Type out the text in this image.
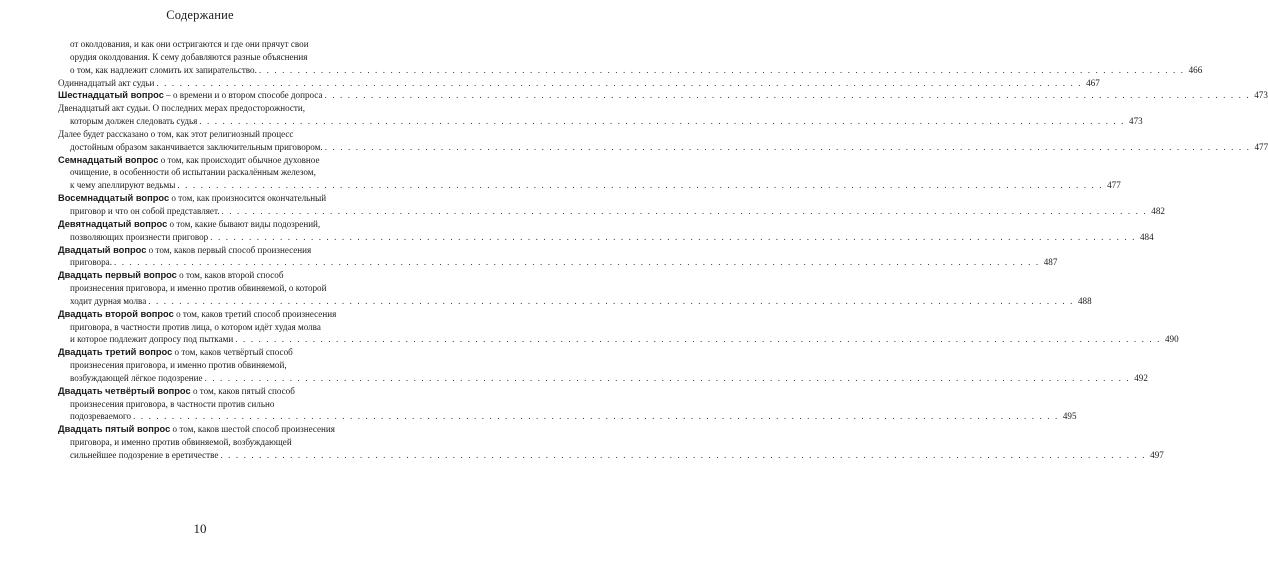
Содержание
от околдования, и как они остригаются и где они прячут свои
орудия околдования. К сему добавляются разные объяснения
о том, как надлежит сломить их запирательство. . . . . . . . . . . . . . . . . . . . . . . . . . . . . . . . . . . . . . . . . . . . . . . . . . . . . . . . . . . . . . . . . . . . . . . . . . . . . . . . . . . . . . . . . . . . . . . . . . . . . . . . . . . . . . . . . . . . . . . . . 466
Одиннадцатый акт судьи . . . . . . . . . . . . . . . . . . . . . . . . . . . . . . . . . . . . . . . . . . . . . . . . . . . . . . . . . . . . . . . . . . . . . . . . . . . . . . . . . . . . . . . . . . . . . . . . . . . . . . . . . . . . . . . . . . . . . . . . 467
Шестнадцатый вопрос – о времени и о втором способе допроса . . . . . . . . . . . . . . . . . . . . . . . . . . . . . . . . . . . . . . . . . . . . . . . . . . . . . . . . . . . . . . . . . . . . . . . . . . . . . . . . . . . . . . . . . . . . . . . . . . . . . . . . . . . . . . . . . . . . . . . . 473
Двенадцатый акт судьи. О последних мерах предосторожности,
которым должен следовать судья . . . . . . . . . . . . . . . . . . . . . . . . . . . . . . . . . . . . . . . . . . . . . . . . . . . . . . . . . . . . . . . . . . . . . . . . . . . . . . . . . . . . . . . . . . . . . . . . . . . . . . . . . . . . . . . . . . . . . . . . 473
Далее будет рассказано о том, как этот религиозный процесс
достойным образом заканчивается заключительным приговором. . . . . . . . . . . . . . . . . . . . . . . . . . . . . . . . . . . . . . . . . . . . . . . . . . . . . . . . . . . . . . . . . . . . . . . . . . . . . . . . . . . . . . . . . . . . . . . . . . . . . . . . . . . . . . . . . . . . . . . . . 477
Семнадцатый вопрос о том, как происходит обычное духовное
очищение, в особенности об испытании раскалённым железом,
к чему апеллируют ведьмы . . . . . . . . . . . . . . . . . . . . . . . . . . . . . . . . . . . . . . . . . . . . . . . . . . . . . . . . . . . . . . . . . . . . . . . . . . . . . . . . . . . . . . . . . . . . . . . . . . . . . . . . . . . . . . . . . . . . . . . . 477
Восемнадцатый вопрос о том, как произносится окончательный
приговор и что он собой представляет. . . . . . . . . . . . . . . . . . . . . . . . . . . . . . . . . . . . . . . . . . . . . . . . . . . . . . . . . . . . . . . . . . . . . . . . . . . . . . . . . . . . . . . . . . . . . . . . . . . . . . . . . . . . . . . . . . . . . . . . . 482
Девятнадцатый вопрос о том, какие бывают виды подозрений,
позволяющих произнести приговор . . . . . . . . . . . . . . . . . . . . . . . . . . . . . . . . . . . . . . . . . . . . . . . . . . . . . . . . . . . . . . . . . . . . . . . . . . . . . . . . . . . . . . . . . . . . . . . . . . . . . . . . . . . . . . . . . . . . . . . . 484
Двадцатый вопрос о том, каков первый способ произнесения
приговора. . . . . . . . . . . . . . . . . . . . . . . . . . . . . . . . . . . . . . . . . . . . . . . . . . . . . . . . . . . . . . . . . . . . . . . . . . . . . . . . . . . . . . . . . . . . . . . . . . . . . . . . . . . . . . . . . . . . . . . . . 487
Двадцать первый вопрос о том, каков второй способ
произнесения приговора, и именно против обвиняемой, о которой
ходит дурная молва . . . . . . . . . . . . . . . . . . . . . . . . . . . . . . . . . . . . . . . . . . . . . . . . . . . . . . . . . . . . . . . . . . . . . . . . . . . . . . . . . . . . . . . . . . . . . . . . . . . . . . . . . . . . . . . . . . . . . . . . 488
Двадцать второй вопрос о том, каков третий способ произнесения
приговора, в частности против лица, о котором идёт худая молва
и которое подлежит допросу под пытками . . . . . . . . . . . . . . . . . . . . . . . . . . . . . . . . . . . . . . . . . . . . . . . . . . . . . . . . . . . . . . . . . . . . . . . . . . . . . . . . . . . . . . . . . . . . . . . . . . . . . . . . . . . . . . . . . . . . . . . . 490
Двадцать третий вопрос о том, каков четвёртый способ
произнесения приговора, и именно против обвиняемой,
возбуждающей лёгкое подозрение . . . . . . . . . . . . . . . . . . . . . . . . . . . . . . . . . . . . . . . . . . . . . . . . . . . . . . . . . . . . . . . . . . . . . . . . . . . . . . . . . . . . . . . . . . . . . . . . . . . . . . . . . . . . . . . . . . . . . . . . 492
Двадцать четвёртый вопрос о том, каков пятый способ
произнесения приговора, в частности против сильно
подозреваемого . . . . . . . . . . . . . . . . . . . . . . . . . . . . . . . . . . . . . . . . . . . . . . . . . . . . . . . . . . . . . . . . . . . . . . . . . . . . . . . . . . . . . . . . . . . . . . . . . . . . . . . . . . . . . . . . . . . . . . . . 495
Двадцать пятый вопрос о том, каков шестой способ произнесения
приговора, и именно против обвиняемой, возбуждающей
сильнейшее подозрение в еретичестве . . . . . . . . . . . . . . . . . . . . . . . . . . . . . . . . . . . . . . . . . . . . . . . . . . . . . . . . . . . . . . . . . . . . . . . . . . . . . . . . . . . . . . . . . . . . . . . . . . . . . . . . . . . . . . . . . . . . . . . . 497
10
